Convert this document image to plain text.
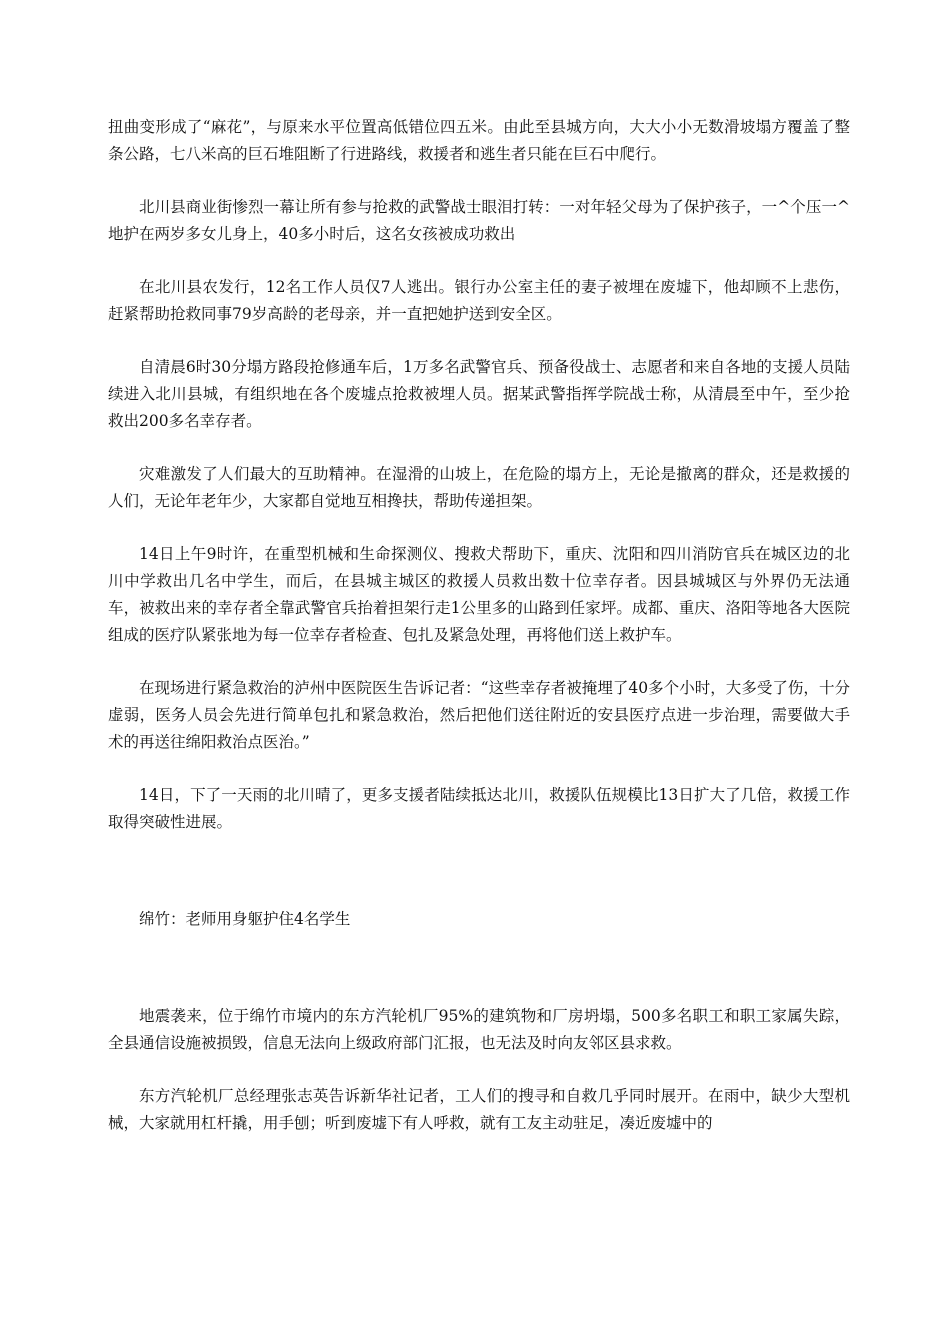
扭曲变形成了“麻花”，与原来水平位置高低错位四五米。由此至县城方向，大大小小无数滑坡塌方覆盖了整条公路，七八米高的巨石堆阻断了行进路线，救援者和逃生者只能在巨石中爬行。

北川县商业街惨烈一幕让所有参与抢救的武警战士眼泪打转：一对年轻父母为了保护孩子，一^个压一^地护在两岁多女儿身上，40多小时后，这名女孩被成功救出

在北川县农发行，12名工作人员仅7人逃出。银行办公室主任的妻子被埋在废墟下，他却顾不上悲伤，赶紧帮助抢救同事79岁高龄的老母亲，并一直把她护送到安全区。

自清晨6时30分塌方路段抢修通车后，1万多名武警官兵、预备役战士、志愿者和来自各地的支援人员陆续进入北川县城，有组织地在各个废墟点抢救被埋人员。据某武警指挥学院战士称，从清晨至中午，至少抢救出200多名幸存者。

灾难激发了人们最大的互助精神。在湿滑的山坡上，在危险的塌方上，无论是撤离的群众，还是救援的人们，无论年老年少，大家都自觉地互相搀扶，帮助传递担架。

14日上午9时许，在重型机械和生命探测仪、搜救犬帮助下，重庆、沈阳和四川消防官兵在城区边的北川中学救出几名中学生，而后，在县城主城区的救援人员救出数十位幸存者。因县城城区与外界仍无法通车，被救出来的幸存者全靠武警官兵抬着担架行走1公里多的山路到任家坪。成都、重庆、洛阳等地各大医院组成的医疗队紧张地为每一位幸存者检查、包扎及紧急处理，再将他们送上救护车。

在现场进行紧急救治的泸州中医院医生告诉记者：“这些幸存者被掩埋了40多个小时，大多受了伤，十分虚弱，医务人员会先进行简单包扎和紧急救治，然后把他们送往附近的安县医疗点进一步治理，需要做大手术的再送往绵阳救治点医治。”

14日，下了一天雨的北川晴了，更多支援者陆续抵达北川，救援队伍规模比13日扩大了几倍，救援工作取得突破性进展。

绵竹：老师用身躯护住4名学生

地震袭来，位于绵竹市境内的东方汽轮机厂95%的建筑物和厂房坍塌，500多名职工和职工家属失踪，全县通信设施被损毁，信息无法向上级政府部门汇报，也无法及时向友邻区县求救。

东方汽轮机厂总经理张志英告诉新华社记者，工人们的搜寻和自救几乎同时展开。在雨中，缺少大型机械，大家就用杠杆撬，用手刨；听到废墟下有人呼救，就有工友主动驻足，凑近废墟中的
